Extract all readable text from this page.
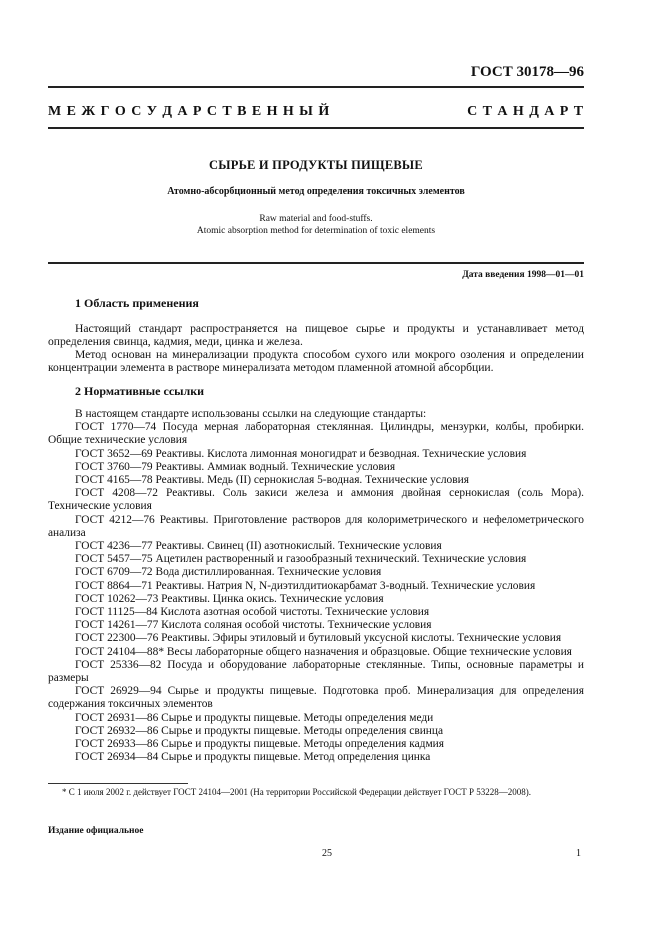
ГОСТ 30178—96
М Е Ж Г О С У Д А Р С Т В Е Н Н Ы Й	С Т А Н Д А Р Т
СЫРЬЕ И ПРОДУКТЫ ПИЩЕВЫЕ
Атомно-абсорбционный метод определения токсичных элементов
Raw material and food-stuffs.
Atomic absorption method for determination of toxic elements
Дата введения 1998—01—01
1 Область применения
Настоящий стандарт распространяется на пищевое сырье и продукты и устанавливает метод определения свинца, кадмия, меди, цинка и железа.
Метод основан на минерализации продукта способом сухого или мокрого озоления и определении концентрации элемента в растворе минерализата методом пламенной атомной абсорбции.
2 Нормативные ссылки
В настоящем стандарте использованы ссылки на следующие стандарты:
ГОСТ 1770—74 Посуда мерная лабораторная стеклянная. Цилиндры, мензурки, колбы, пробирки. Общие технические условия
ГОСТ 3652—69 Реактивы. Кислота лимонная моногидрат и безводная. Технические условия
ГОСТ 3760—79 Реактивы. Аммиак водный. Технические условия
ГОСТ 4165—78 Реактивы. Медь (II) сернокислая 5-водная. Технические условия
ГОСТ 4208—72 Реактивы. Соль закиси железа и аммония двойная сернокислая (соль Мора). Технические условия
ГОСТ 4212—76 Реактивы. Приготовление растворов для колориметрического и нефелометрического анализа
ГОСТ 4236—77 Реактивы. Свинец (II) азотнокислый. Технические условия
ГОСТ 5457—75 Ацетилен растворенный и газообразный технический. Технические условия
ГОСТ 6709—72 Вода дистиллированная. Технические условия
ГОСТ 8864—71 Реактивы. Натрия N, N-диэтилдитиокарбамат 3-водный. Технические условия
ГОСТ 10262—73 Реактивы. Цинка окись. Технические условия
ГОСТ 11125—84 Кислота азотная особой чистоты. Технические условия
ГОСТ 14261—77 Кислота соляная особой чистоты. Технические условия
ГОСТ 22300—76 Реактивы. Эфиры этиловый и бутиловый уксусной кислоты. Технические условия
ГОСТ 24104—88* Весы лабораторные общего назначения и образцовые. Общие технические условия
ГОСТ 25336—82 Посуда и оборудование лабораторные стеклянные. Типы, основные параметры и размеры
ГОСТ 26929—94 Сырье и продукты пищевые. Подготовка проб. Минерализация для определения содержания токсичных элементов
ГОСТ 26931—86 Сырье и продукты пищевые. Методы определения меди
ГОСТ 26932—86 Сырье и продукты пищевые. Методы определения свинца
ГОСТ 26933—86 Сырье и продукты пищевые. Методы определения кадмия
ГОСТ 26934—84 Сырье и продукты пищевые. Метод определения цинка
* С 1 июля 2002 г. действует ГОСТ 24104—2001 (На территории Российской Федерации действует ГОСТ Р 53228—2008).
Издание официальное
25	1
